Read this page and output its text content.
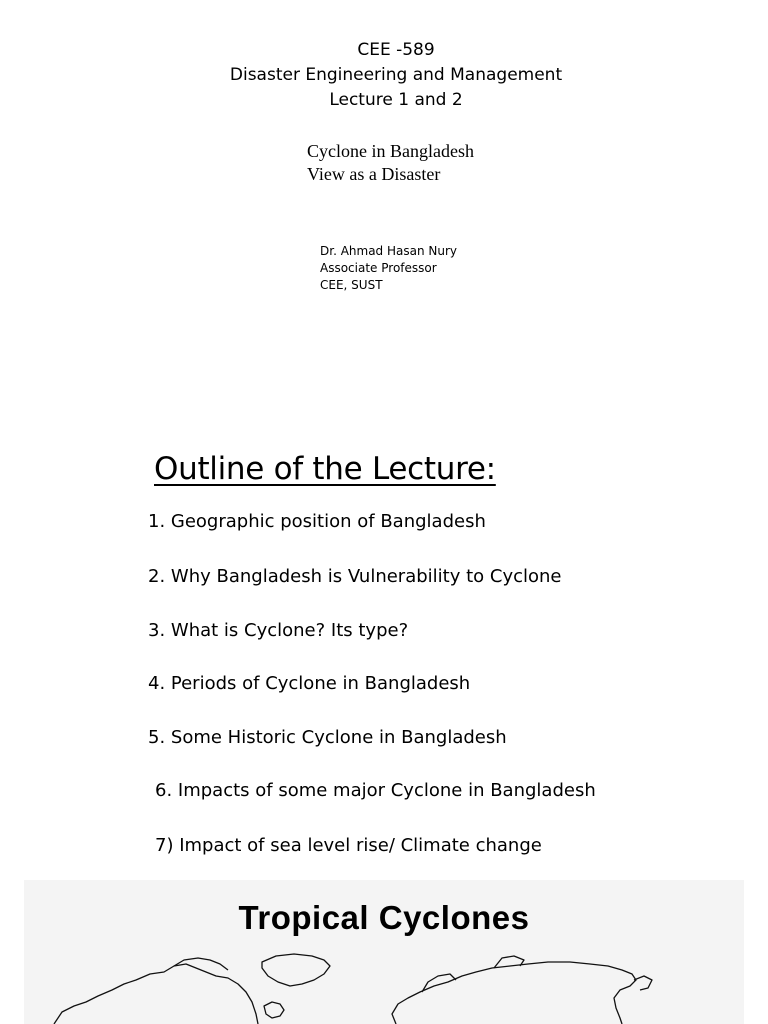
CEE -589
Disaster Engineering and Management
Lecture 1 and 2
Cyclone in Bangladesh
View as a Disaster
Dr. Ahmad Hasan Nury
Associate Professor
CEE, SUST
Outline of the Lecture:
1. Geographic position of Bangladesh
2. Why Bangladesh is Vulnerability to Cyclone
3. What is Cyclone? Its type?
4. Periods of Cyclone in Bangladesh
5. Some Historic Cyclone in Bangladesh
6. Impacts of some major Cyclone in Bangladesh
7) Impact of sea level rise/ Climate change
Tropical Cyclones
